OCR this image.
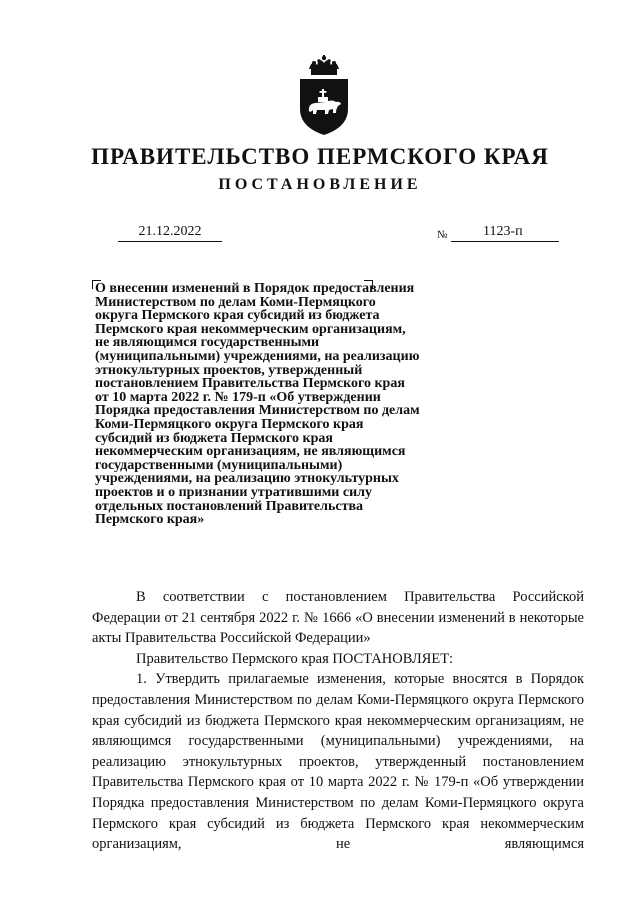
ПРАВИТЕЛЬСТВО ПЕРМСКОГО КРАЯ
ПОСТАНОВЛЕНИЕ
21.12.2022	№	1123-п
О внесении изменений в Порядок предоставления
Министерством по делам Коми-Пермяцкого
округа Пермского края субсидий из бюджета
Пермского края некоммерческим организациям,
не являющимся государственными
(муниципальными) учреждениями, на реализацию
этнокультурных проектов, утвержденный
постановлением Правительства Пермского края
от 10 марта 2022 г. № 179-п «Об утверждении
Порядка предоставления Министерством по делам
Коми-Пермяцкого округа Пермского края
субсидий из бюджета Пермского края
некоммерческим организациям, не являющимся
государственными (муниципальными)
учреждениями, на реализацию этнокультурных
проектов и о признании утратившими силу
отдельных постановлений Правительства
Пермского края»

В соответствии с постановлением Правительства Российской Федерации от 21 сентября 2022 г. № 1666 «О внесении изменений в некоторые акты Правительства Российской Федерации»

Правительство Пермского края ПОСТАНОВЛЯЕТ:

1. Утвердить прилагаемые изменения, которые вносятся в Порядок предоставления Министерством по делам Коми-Пермяцкого округа Пермского края субсидий из бюджета Пермского края некоммерческим организациям, не являющимся государственными (муниципальными) учреждениями, на реализацию этнокультурных проектов, утвержденный постановлением Правительства Пермского края от 10 марта 2022 г. № 179-п «Об утверждении Порядка предоставления Министерством по делам Коми-Пермяцкого округа Пермского края субсидий из бюджета Пермского края некоммерческим организациям, не являющимся
